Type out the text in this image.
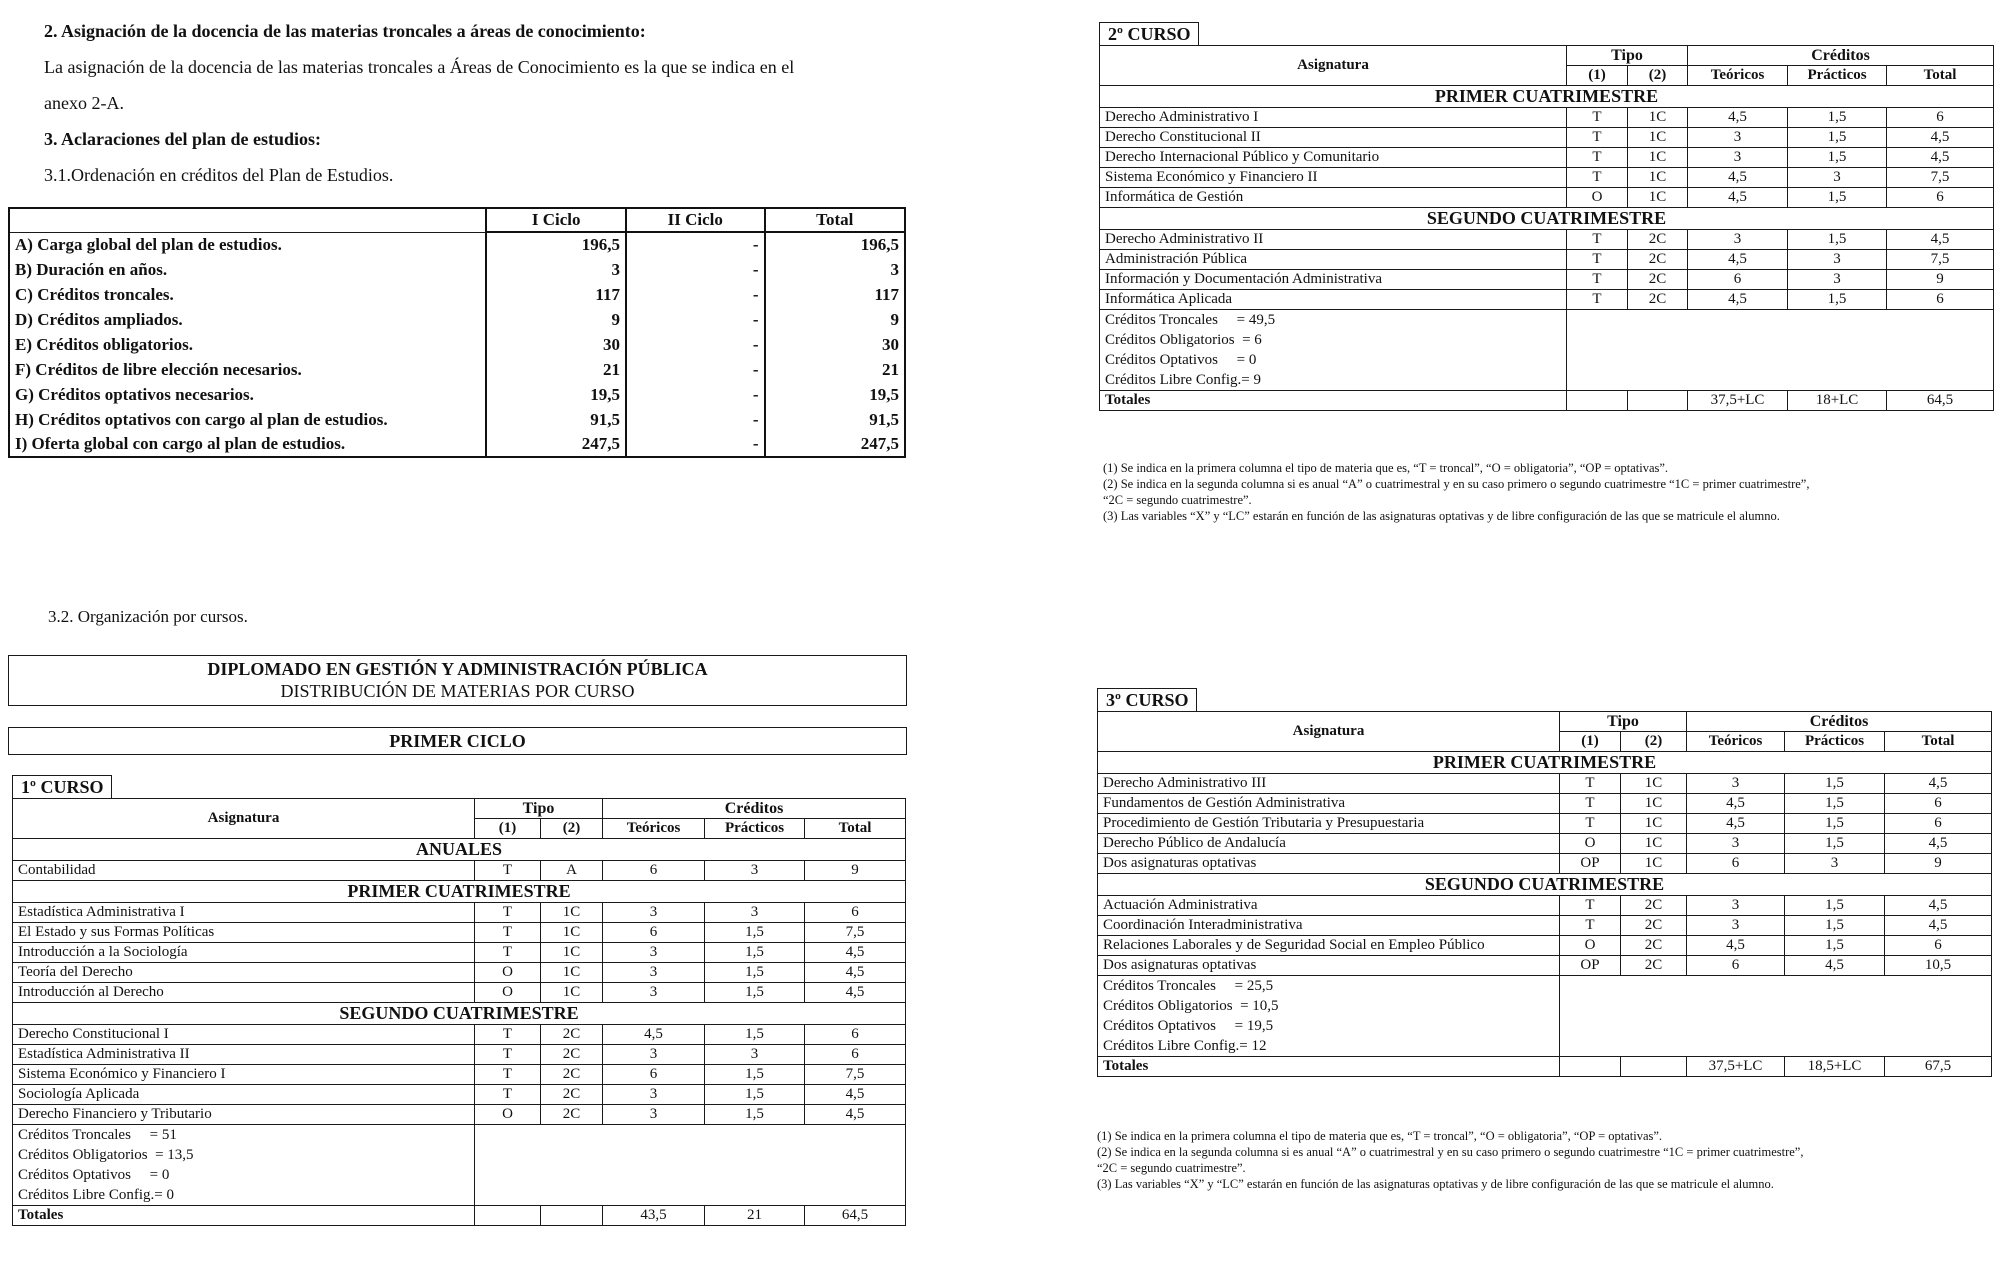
2. Asignación de la docencia de las materias troncales a áreas de conocimiento:

La asignación de la docencia de las materias troncales a Áreas de Conocimiento es la que se indica en el

anexo 2-A.

3. Aclaraciones del plan de estudios:

3.1.Ordenación en créditos del Plan de Estudios.

	I Ciclo	II Ciclo	Total
A) Carga global del plan de estudios.	196,5	-	196,5
B) Duración en años.	3	-	3
C) Créditos troncales.	117	-	117
D) Créditos ampliados.	9	-	9
E) Créditos obligatorios.	30	-	30
F) Créditos de libre elección necesarios.	21	-	21
G) Créditos optativos necesarios.	19,5	-	19,5
H) Créditos optativos con cargo al plan de estudios.	91,5	-	91,5
I) Oferta global con cargo al plan de estudios.	247,5	-	247,5
3.2. Organización por cursos.
DIPLOMADO EN GESTIÓN Y ADMINISTRACIÓN PÚBLICA
DISTRIBUCIÓN DE MATERIAS POR CURSO
PRIMER CICLO
1º CURSO
Asignatura	Tipo		Créditos		
	(1)	(2)	Teóricos	Prácticos	Total
ANUALES					
Contabilidad	T	A	6	3	9
PRIMER CUATRIMESTRE					
Estadística Administrativa I	T	1C	3	3	6
El Estado y sus Formas Políticas	T	1C	6	1,5	7,5
Introducción a la Sociología	T	1C	3	1,5	4,5
Teoría del Derecho	O	1C	3	1,5	4,5
Introducción al Derecho	O	1C	3	1,5	4,5
SEGUNDO CUATRIMESTRE					
Derecho Constitucional I	T	2C	4,5	1,5	6
Estadística Administrativa II	T	2C	3	3	6
Sistema Económico y Financiero I	T	2C	6	1,5	7,5
Sociología Aplicada	T	2C	3	1,5	4,5
Derecho Financiero y Tributario	O	2C	3	1,5	4,5

Créditos Troncales     = 51
Créditos Obligatorios  = 13,5
Créditos Optativos     = 0
Créditos Libre Config.= 0					

Totales			43,5	21	64,5
2º CURSO
Asignatura	Tipo		Créditos		
	(1)	(2)	Teóricos	Prácticos	Total
PRIMER CUATRIMESTRE					
Derecho Administrativo I	T	1C	4,5	1,5	6
Derecho Constitucional II	T	1C	3	1,5	4,5
Derecho Internacional Público y Comunitario	T	1C	3	1,5	4,5
Sistema Económico y Financiero II	T	1C	4,5	3	7,5
Informática de Gestión	O	1C	4,5	1,5	6
SEGUNDO CUATRIMESTRE					
Derecho Administrativo II	T	2C	3	1,5	4,5
Administración Pública	T	2C	4,5	3	7,5
Información y Documentación Administrativa	T	2C	6	3	9
Informática Aplicada	T	2C	4,5	1,5	6

Créditos Troncales     = 49,5
Créditos Obligatorios  = 6
Créditos Optativos     = 0
Créditos Libre Config.= 9					

Totales			37,5+LC	18+LC	64,5
3º CURSO
Asignatura	Tipo		Créditos		
	(1)	(2)	Teóricos	Prácticos	Total
PRIMER CUATRIMESTRE					
Derecho Administrativo III	T	1C	3	1,5	4,5
Fundamentos de Gestión Administrativa	T	1C	4,5	1,5	6
Procedimiento de Gestión Tributaria y Presupuestaria	T	1C	4,5	1,5	6
Derecho Público de Andalucía	O	1C	3	1,5	4,5
Dos asignaturas optativas	OP	1C	6	3	9
SEGUNDO CUATRIMESTRE					
Actuación Administrativa	T	2C	3	1,5	4,5
Coordinación Interadministrativa	T	2C	3	1,5	4,5
Relaciones Laborales y de Seguridad Social en Empleo Público	O	2C	4,5	1,5	6
Dos asignaturas optativas	OP	2C	6	4,5	10,5

Créditos Troncales     = 25,5
Créditos Obligatorios  = 10,5
Créditos Optativos     = 19,5
Créditos Libre Config.= 12					

Totales			37,5+LC	18,5+LC	67,5

(1) Se indica en la primera columna el tipo de materia que es, “T = troncal”, “O = obligatoria”, “OP = optativas”.

(2) Se indica en la segunda columna si es anual “A” o cuatrimestral y en su caso primero o segundo cuatrimestre “1C = primer cuatrimestre”,

“2C = segundo cuatrimestre”.

(3) Las variables “X” y “LC” estarán en función de las asignaturas optativas y de libre configuración de las que se matricule el alumno.

(1) Se indica en la primera columna el tipo de materia que es, “T = troncal”, “O = obligatoria”, “OP = optativas”.

(2) Se indica en la segunda columna si es anual “A” o cuatrimestral y en su caso primero o segundo cuatrimestre “1C = primer cuatrimestre”,

“2C = segundo cuatrimestre”.

(3) Las variables “X” y “LC” estarán en función de las asignaturas optativas y de libre configuración de las que se matricule el alumno.
